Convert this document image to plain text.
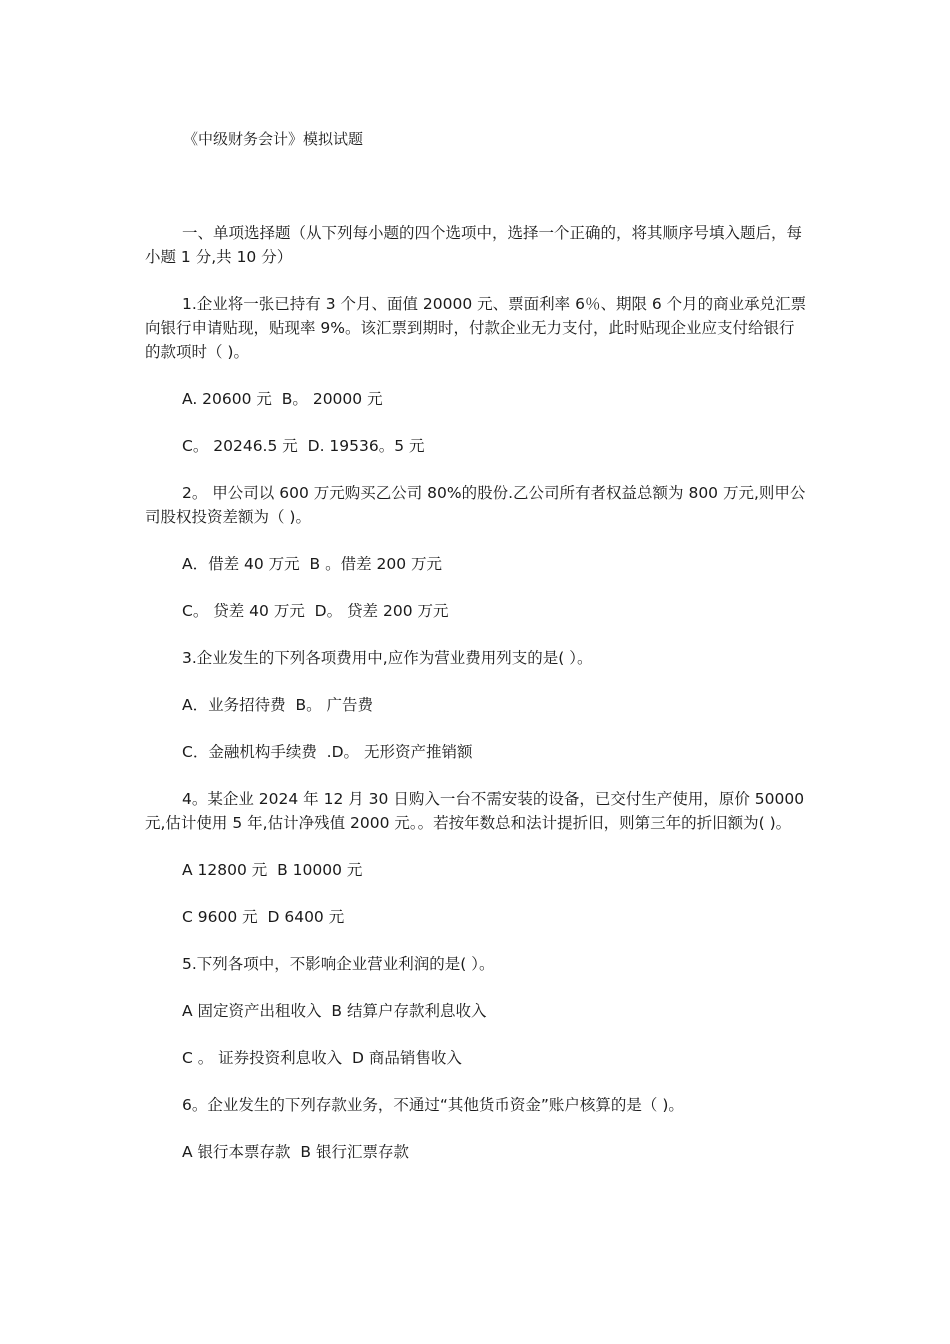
《中级财务会计》模拟试题

一、单项选择题（从下列每小题的四个选项中，选择一个正确的，将其顺序号填入题后，每小题 1 分,共 10 分）

1.企业将一张已持有 3 个月、面值 20000 元、票面利率 6％、期限 6 个月的商业承兑汇票向银行申请贴现，贴现率 9%。该汇票到期时，付款企业无力支付，此时贴现企业应支付给银行的款项时（ )。

A. 20600 元  B。 20000 元

C。 20246.5 元  D. 19536。5 元

2。 甲公司以 600 万元购买乙公司 80%的股份.乙公司所有者权益总额为 800 万元,则甲公司股权投资差额为（ )。

A．借差 40 万元  B 。借差 200 万元

C。 贷差 40 万元  D。 贷差 200 万元

3.企业发生的下列各项费用中,应作为营业费用列支的是( ）。

A．业务招待费  B。 广告费

C．金融机构手续费  .D。 无形资产推销额

4。某企业 2024 年 12 月 30 日购入一台不需安装的设备，已交付生产使用，原价 50000 元,估计使用 5 年,估计净残值 2000 元。。若按年数总和法计提折旧，则第三年的折旧额为( )。

A 12800 元  B 10000 元

C 9600 元  D 6400 元

5.下列各项中，不影响企业营业利润的是( ）。

A 固定资产出租收入  B 结算户存款利息收入

C 。 证券投资利息收入  D 商品销售收入

6。企业发生的下列存款业务，不通过“其他货币资金”账户核算的是（ )。

A 银行本票存款  B 银行汇票存款
